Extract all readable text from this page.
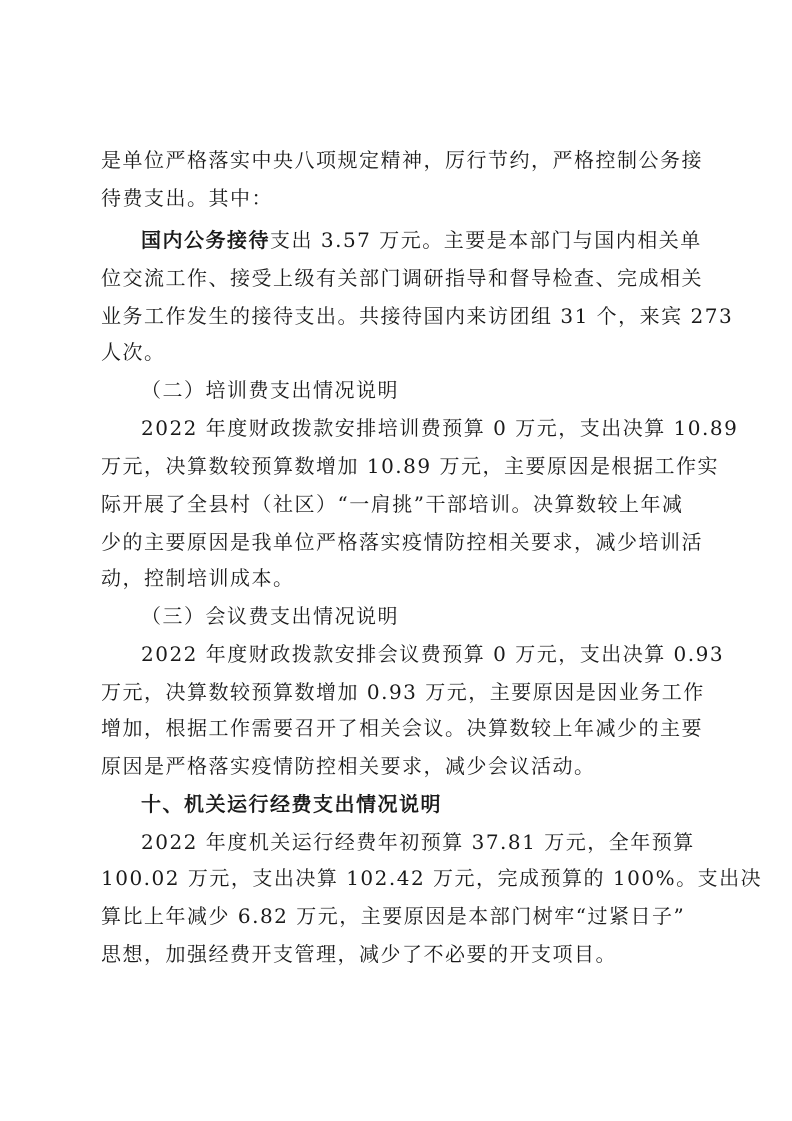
是单位严格落实中央八项规定精神，厉行节约，严格控制公务接
待费支出。其中：
国内公务接待支出 3.57 万元。主要是本部门与国内相关单
位交流工作、接受上级有关部门调研指导和督导检查、完成相关
业务工作发生的接待支出。共接待国内来访团组 31 个，来宾 273
人次。
（二）培训费支出情况说明
2022 年度财政拨款安排培训费预算 0 万元，支出决算 10.89
万元，决算数较预算数增加 10.89 万元，主要原因是根据工作实
际开展了全县村（社区）“一肩挑”干部培训。决算数较上年减
少的主要原因是我单位严格落实疫情防控相关要求，减少培训活
动，控制培训成本。
（三）会议费支出情况说明
2022 年度财政拨款安排会议费预算 0 万元，支出决算 0.93
万元，决算数较预算数增加 0.93 万元，主要原因是因业务工作
增加，根据工作需要召开了相关会议。决算数较上年减少的主要
原因是严格落实疫情防控相关要求，减少会议活动。
十、机关运行经费支出情况说明
2022 年度机关运行经费年初预算 37.81 万元，全年预算
100.02 万元，支出决算 102.42 万元，完成预算的 100%。支出决
算比上年减少 6.82 万元，主要原因是本部门树牢“过紧日子”
思想，加强经费开支管理，减少了不必要的开支项目。
